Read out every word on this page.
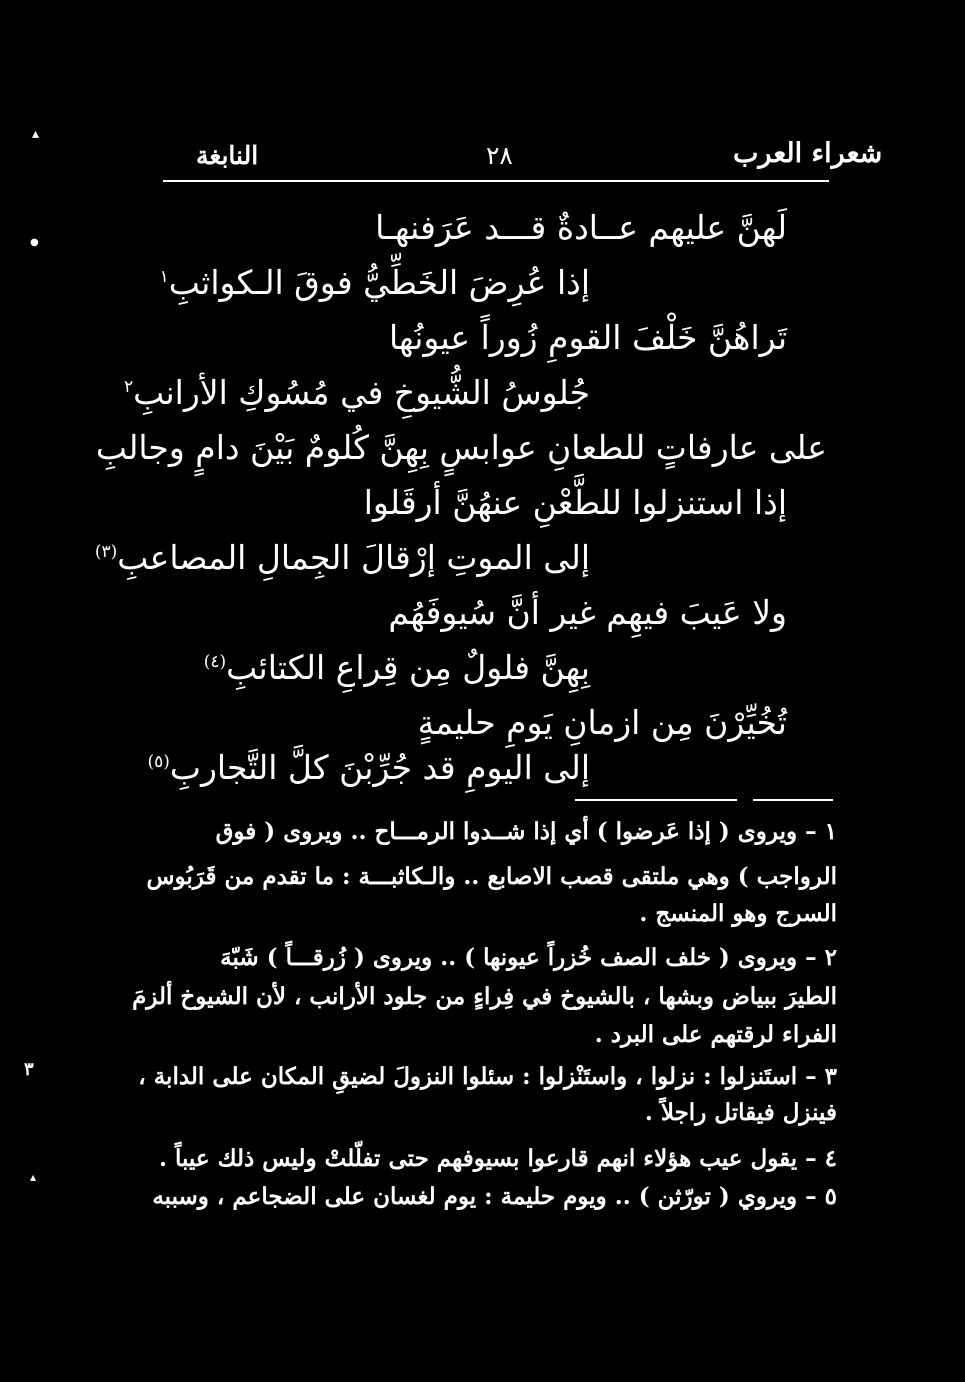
شعراء العرب
٢٨
النابغة
لَهنَّ عليهم عــادةٌ قـــد عَرَفنهـا
إذا عُرِضَ الخَطِّيُّ فوقَ الـكواثبِ$^١$
تَراهُنَّ خَلْفَ القومِ زُوراً عيونُها
جُلوسُ الشُّيوخِ في مُسُوكِ الأرانبِ$^٢$
على عارفاتٍ للطعانِ عوابسٍ بِهِنَّ كُلومٌ بَيْنَ دامٍ وجالبِ
إذا استنزلوا للطَّعْنِ عنهُنَّ أرقَلوا
إلى الموتِ إرْقالَ الجِمالِ المصاعبِ$^{(٣)}$
ولا عَيبَ فيهِم غير أنَّ سُيوفَهُم
بِهِنَّ فلولٌ مِن قِراعِ الكتائبِ$^{(٤)}$
تُخُيِّرْنَ مِن ازمانِ يَومِ حليمةٍ
إلى اليومِ قد جُرِّبْنَ كلَّ التَّجاربِ$^{(٥)}$
١ – ويروى ( إذا عَرضوا ) أي إذا شــدوا الرمـــاح .. ويروى ( فوق
الرواجب ) وهي ملتقى قصب الاصابع .. والـكاثبـــة : ما تقدم من قَرَبُوس
السرج وهو المنسج .
٢ – ويروى ( خلف الصف خُزراً عيونها ) .. ويروى ( زُرقـــاً ) شَبّهَ
الطيرَ ببياض وبشها ، بالشيوخ في فِراءٍ من جلود الأرانب ، لأن الشيوخ ألزمَ
الفراء لرقتهم على البرد .
٣ – استَنزلوا : نزلوا ، واستَنْزلوا : سئلوا النزولَ لضيقِ المكان على الدابة ،
فينزل فيقاتل راجلاً .
٤ – يقول عيب هؤلاء انهم قارعوا بسيوفهم حتى تفلّلتْ وليس ذلك عيباً .
٥ – ويروي ( تورّثن ) .. ويوم حليمة : يوم لغسان على الضجاعم ، وسببه
▴
●
٣
▴
